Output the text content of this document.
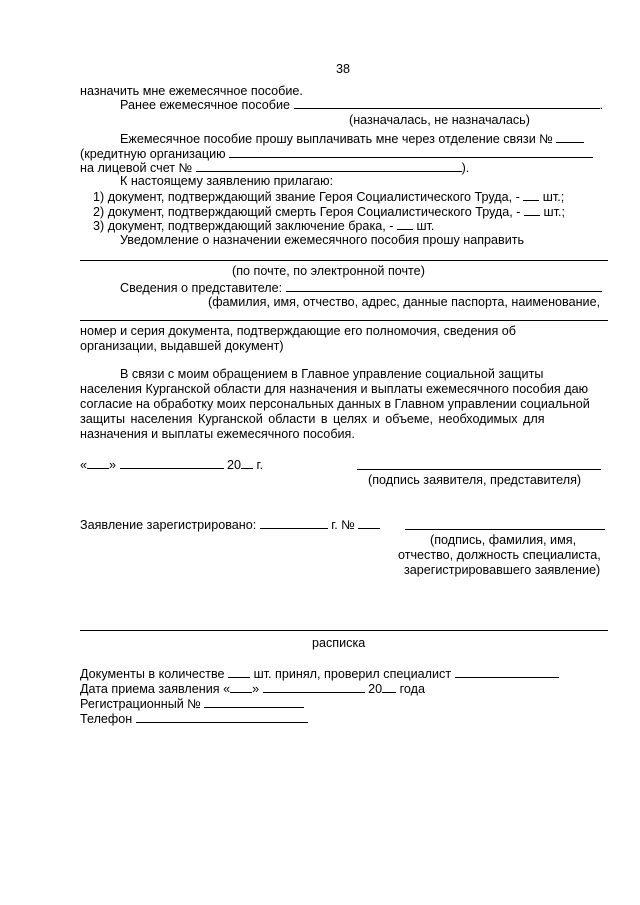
38
назначить мне ежемесячное пособие.
Ранее ежемесячное пособие	.
(назначалась, не назначалась)
Ежемесячное пособие прошу выплачивать мне через отделение связи №
(кредитную организацию
на лицевой счет №	).
К настоящему заявлению прилагаю:
1) документ, подтверждающий звание Героя Социалистического Труда, - шт.;
2) документ, подтверждающий смерть Героя Социалистического Труда, - шт.;
3) документ, подтверждающий заключение брака, - шт.
Уведомление о назначении ежемесячного пособия прошу направить
(по почте, по электронной почте)
Сведения о представителе:
(фамилия, имя, отчество, адрес, данные паспорта, наименование,
номер и серия документа, подтверждающие его полномочия, сведения об
организации, выдавшей документ)
В связи с моим обращением в Главное управление социальной защиты
населения Курганской области для назначения и выплаты ежемесячного пособия даю
согласие на обработку моих персональных данных в Главном управлении социальной
защиты населения Курганской области в целях и объеме, необходимых для
назначения и выплаты ежемесячного пособия.
« »	20 г.
(подпись заявителя, представителя)
Заявление зарегистрировано:	г. №
(подпись, фамилия, имя,
отчество, должность специалиста,
зарегистрировавшего заявление)
расписка
Документы в количестве шт. принял, проверил специалист
Дата приема заявления « »	20 года
Регистрационный №
Телефон
